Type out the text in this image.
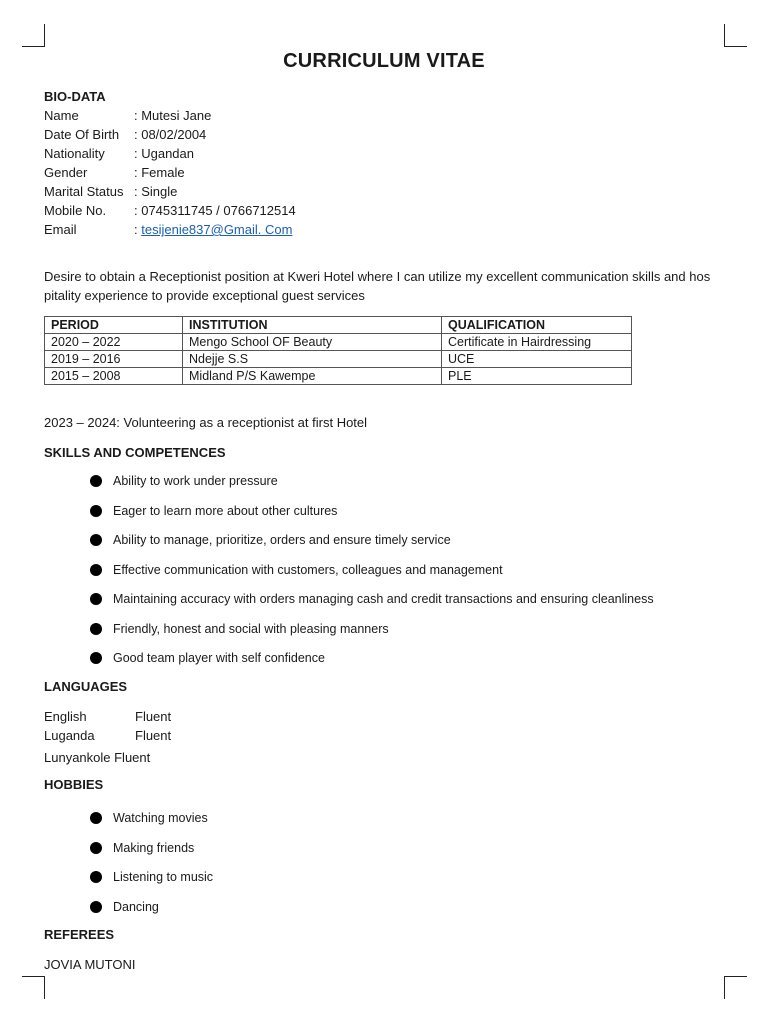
CURRICULUM VITAE
BIO-DATA
Name	: Mutesi Jane
Date Of Birth	: 08/02/2004
Nationality	: Ugandan
Gender	: Female
Marital Status	: Single
Mobile No.	: 0745311745 / 0766712514
Email	: tesijenie837@Gmail. Com
Desire to obtain a Receptionist position at Kweri Hotel where I can utilize my excellent communication skills and hos pitality experience to provide exceptional guest services
PERIOD	INSTITUTION	QUALIFICATION
2020 – 2022	Mengo School OF Beauty	Certificate in Hairdressing
2019 – 2016	Ndejje S.S	UCE
2015 – 2008	Midland P/S Kawempe	PLE
2023 – 2024: Volunteering as a receptionist at first Hotel
SKILLS AND COMPETENCES
Ability to work under pressure
Eager to learn more about other cultures
Ability to manage, prioritize, orders and ensure timely service
Effective communication with customers, colleagues and management
Maintaining accuracy with orders managing cash and credit transactions and ensuring cleanliness
Friendly, honest and social with pleasing manners
Good team player with self confidence
LANGUAGES
English	Fluent
Luganda	Fluent
Lunyankole Fluent
HOBBIES
Watching movies
Making friends
Listening to music
Dancing
REFEREES
JOVIA MUTONI
